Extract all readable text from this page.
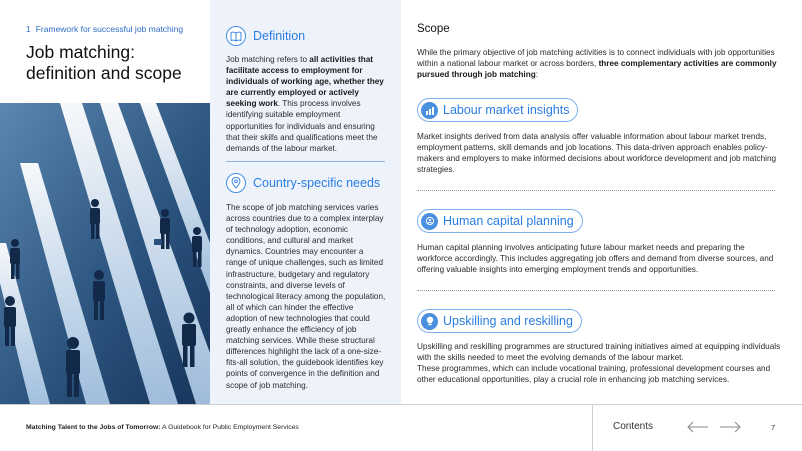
1 Framework for successful job matching
Job matching:
definition and scope
Definition
Job matching refers to all activities that facilitate access to employment for individuals of working age, whether they are currently employed or actively seeking work. This process involves identifying suitable employment opportunities for individuals and ensuring that their skills and qualifications meet the demands of the labour market.
Country-specific needs
The scope of job matching services varies across countries due to a complex interplay of technology adoption, economic conditions, and cultural and market dynamics. Countries may encounter a range of unique challenges, such as limited infrastructure, budgetary and regulatory constraints, and diverse levels of technological literacy among the population, all of which can hinder the effective adoption of new technologies that could greatly enhance the efficiency of job matching services. While these structural differences highlight the lack of a one-size-fits-all solution, the guidebook identifies key points of convergence in the definition and scope of job matching.
Scope
While the primary objective of job matching activities is to connect individuals with job opportunities within a national labour market or across borders, three complementary activities are commonly pursued through job matching:
Labour market insights
Market insights derived from data analysis offer valuable information about labour market trends, employment patterns, skill demands and job locations. This data-driven approach enables policy-makers and employers to make informed decisions about workforce development and job matching strategies.
Human capital planning
Human capital planning involves anticipating future labour market needs and preparing the workforce accordingly. This includes aggregating job offers and demand from diverse sources, and offering valuable insights into emerging employment trends and opportunities.
Upskilling and reskilling
Upskilling and reskilling programmes are structured training initiatives aimed at equipping individuals with the skills needed to meet the evolving demands of the labour market.
These programmes, which can include vocational training, professional development courses and other educational opportunities, play a crucial role in enhancing job matching services.
Matching Talent to the Jobs of Tomorrow: A Guidebook for Public Employment Services	Contents	7
